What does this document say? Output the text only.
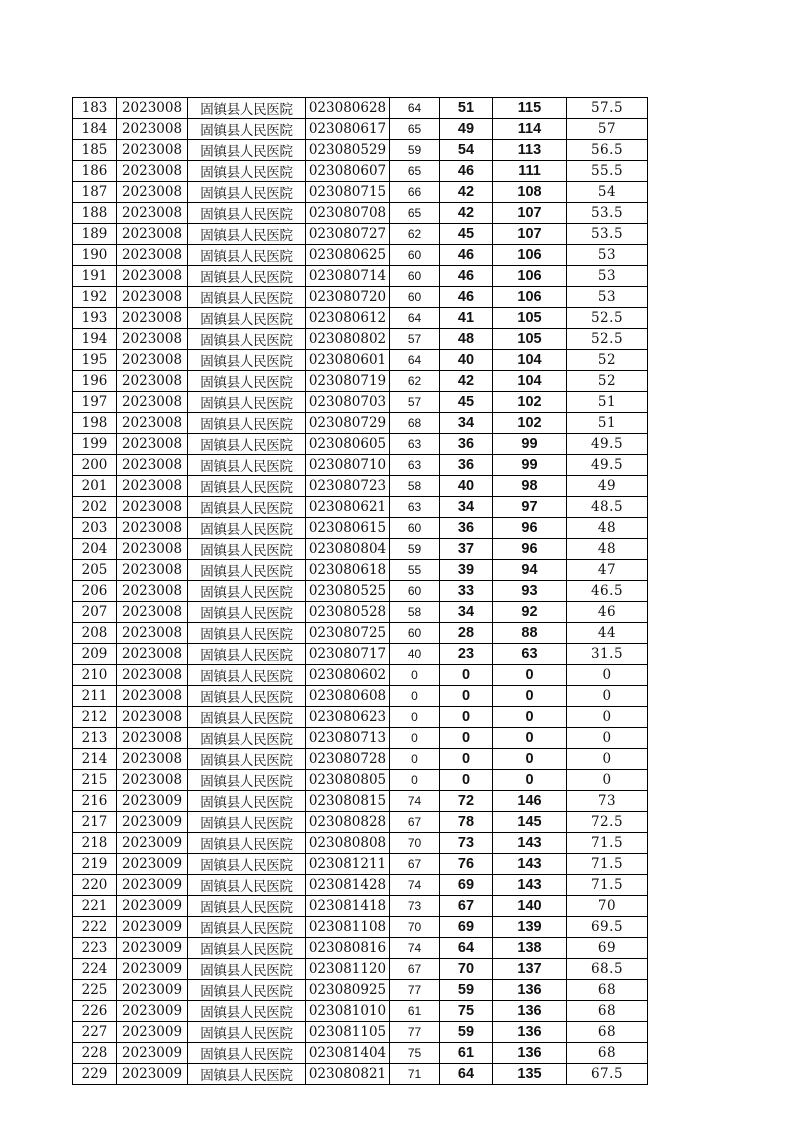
183	2023008	固镇县人民医院	023080628	64	51	115	57.5
184	2023008	固镇县人民医院	023080617	65	49	114	57
185	2023008	固镇县人民医院	023080529	59	54	113	56.5
186	2023008	固镇县人民医院	023080607	65	46	111	55.5
187	2023008	固镇县人民医院	023080715	66	42	108	54
188	2023008	固镇县人民医院	023080708	65	42	107	53.5
189	2023008	固镇县人民医院	023080727	62	45	107	53.5
190	2023008	固镇县人民医院	023080625	60	46	106	53
191	2023008	固镇县人民医院	023080714	60	46	106	53
192	2023008	固镇县人民医院	023080720	60	46	106	53
193	2023008	固镇县人民医院	023080612	64	41	105	52.5
194	2023008	固镇县人民医院	023080802	57	48	105	52.5
195	2023008	固镇县人民医院	023080601	64	40	104	52
196	2023008	固镇县人民医院	023080719	62	42	104	52
197	2023008	固镇县人民医院	023080703	57	45	102	51
198	2023008	固镇县人民医院	023080729	68	34	102	51
199	2023008	固镇县人民医院	023080605	63	36	99	49.5
200	2023008	固镇县人民医院	023080710	63	36	99	49.5
201	2023008	固镇县人民医院	023080723	58	40	98	49
202	2023008	固镇县人民医院	023080621	63	34	97	48.5
203	2023008	固镇县人民医院	023080615	60	36	96	48
204	2023008	固镇县人民医院	023080804	59	37	96	48
205	2023008	固镇县人民医院	023080618	55	39	94	47
206	2023008	固镇县人民医院	023080525	60	33	93	46.5
207	2023008	固镇县人民医院	023080528	58	34	92	46
208	2023008	固镇县人民医院	023080725	60	28	88	44
209	2023008	固镇县人民医院	023080717	40	23	63	31.5
210	2023008	固镇县人民医院	023080602	0	0	0	0
211	2023008	固镇县人民医院	023080608	0	0	0	0
212	2023008	固镇县人民医院	023080623	0	0	0	0
213	2023008	固镇县人民医院	023080713	0	0	0	0
214	2023008	固镇县人民医院	023080728	0	0	0	0
215	2023008	固镇县人民医院	023080805	0	0	0	0
216	2023009	固镇县人民医院	023080815	74	72	146	73
217	2023009	固镇县人民医院	023080828	67	78	145	72.5
218	2023009	固镇县人民医院	023080808	70	73	143	71.5
219	2023009	固镇县人民医院	023081211	67	76	143	71.5
220	2023009	固镇县人民医院	023081428	74	69	143	71.5
221	2023009	固镇县人民医院	023081418	73	67	140	70
222	2023009	固镇县人民医院	023081108	70	69	139	69.5
223	2023009	固镇县人民医院	023080816	74	64	138	69
224	2023009	固镇县人民医院	023081120	67	70	137	68.5
225	2023009	固镇县人民医院	023080925	77	59	136	68
226	2023009	固镇县人民医院	023081010	61	75	136	68
227	2023009	固镇县人民医院	023081105	77	59	136	68
228	2023009	固镇县人民医院	023081404	75	61	136	68
229	2023009	固镇县人民医院	023080821	71	64	135	67.5
